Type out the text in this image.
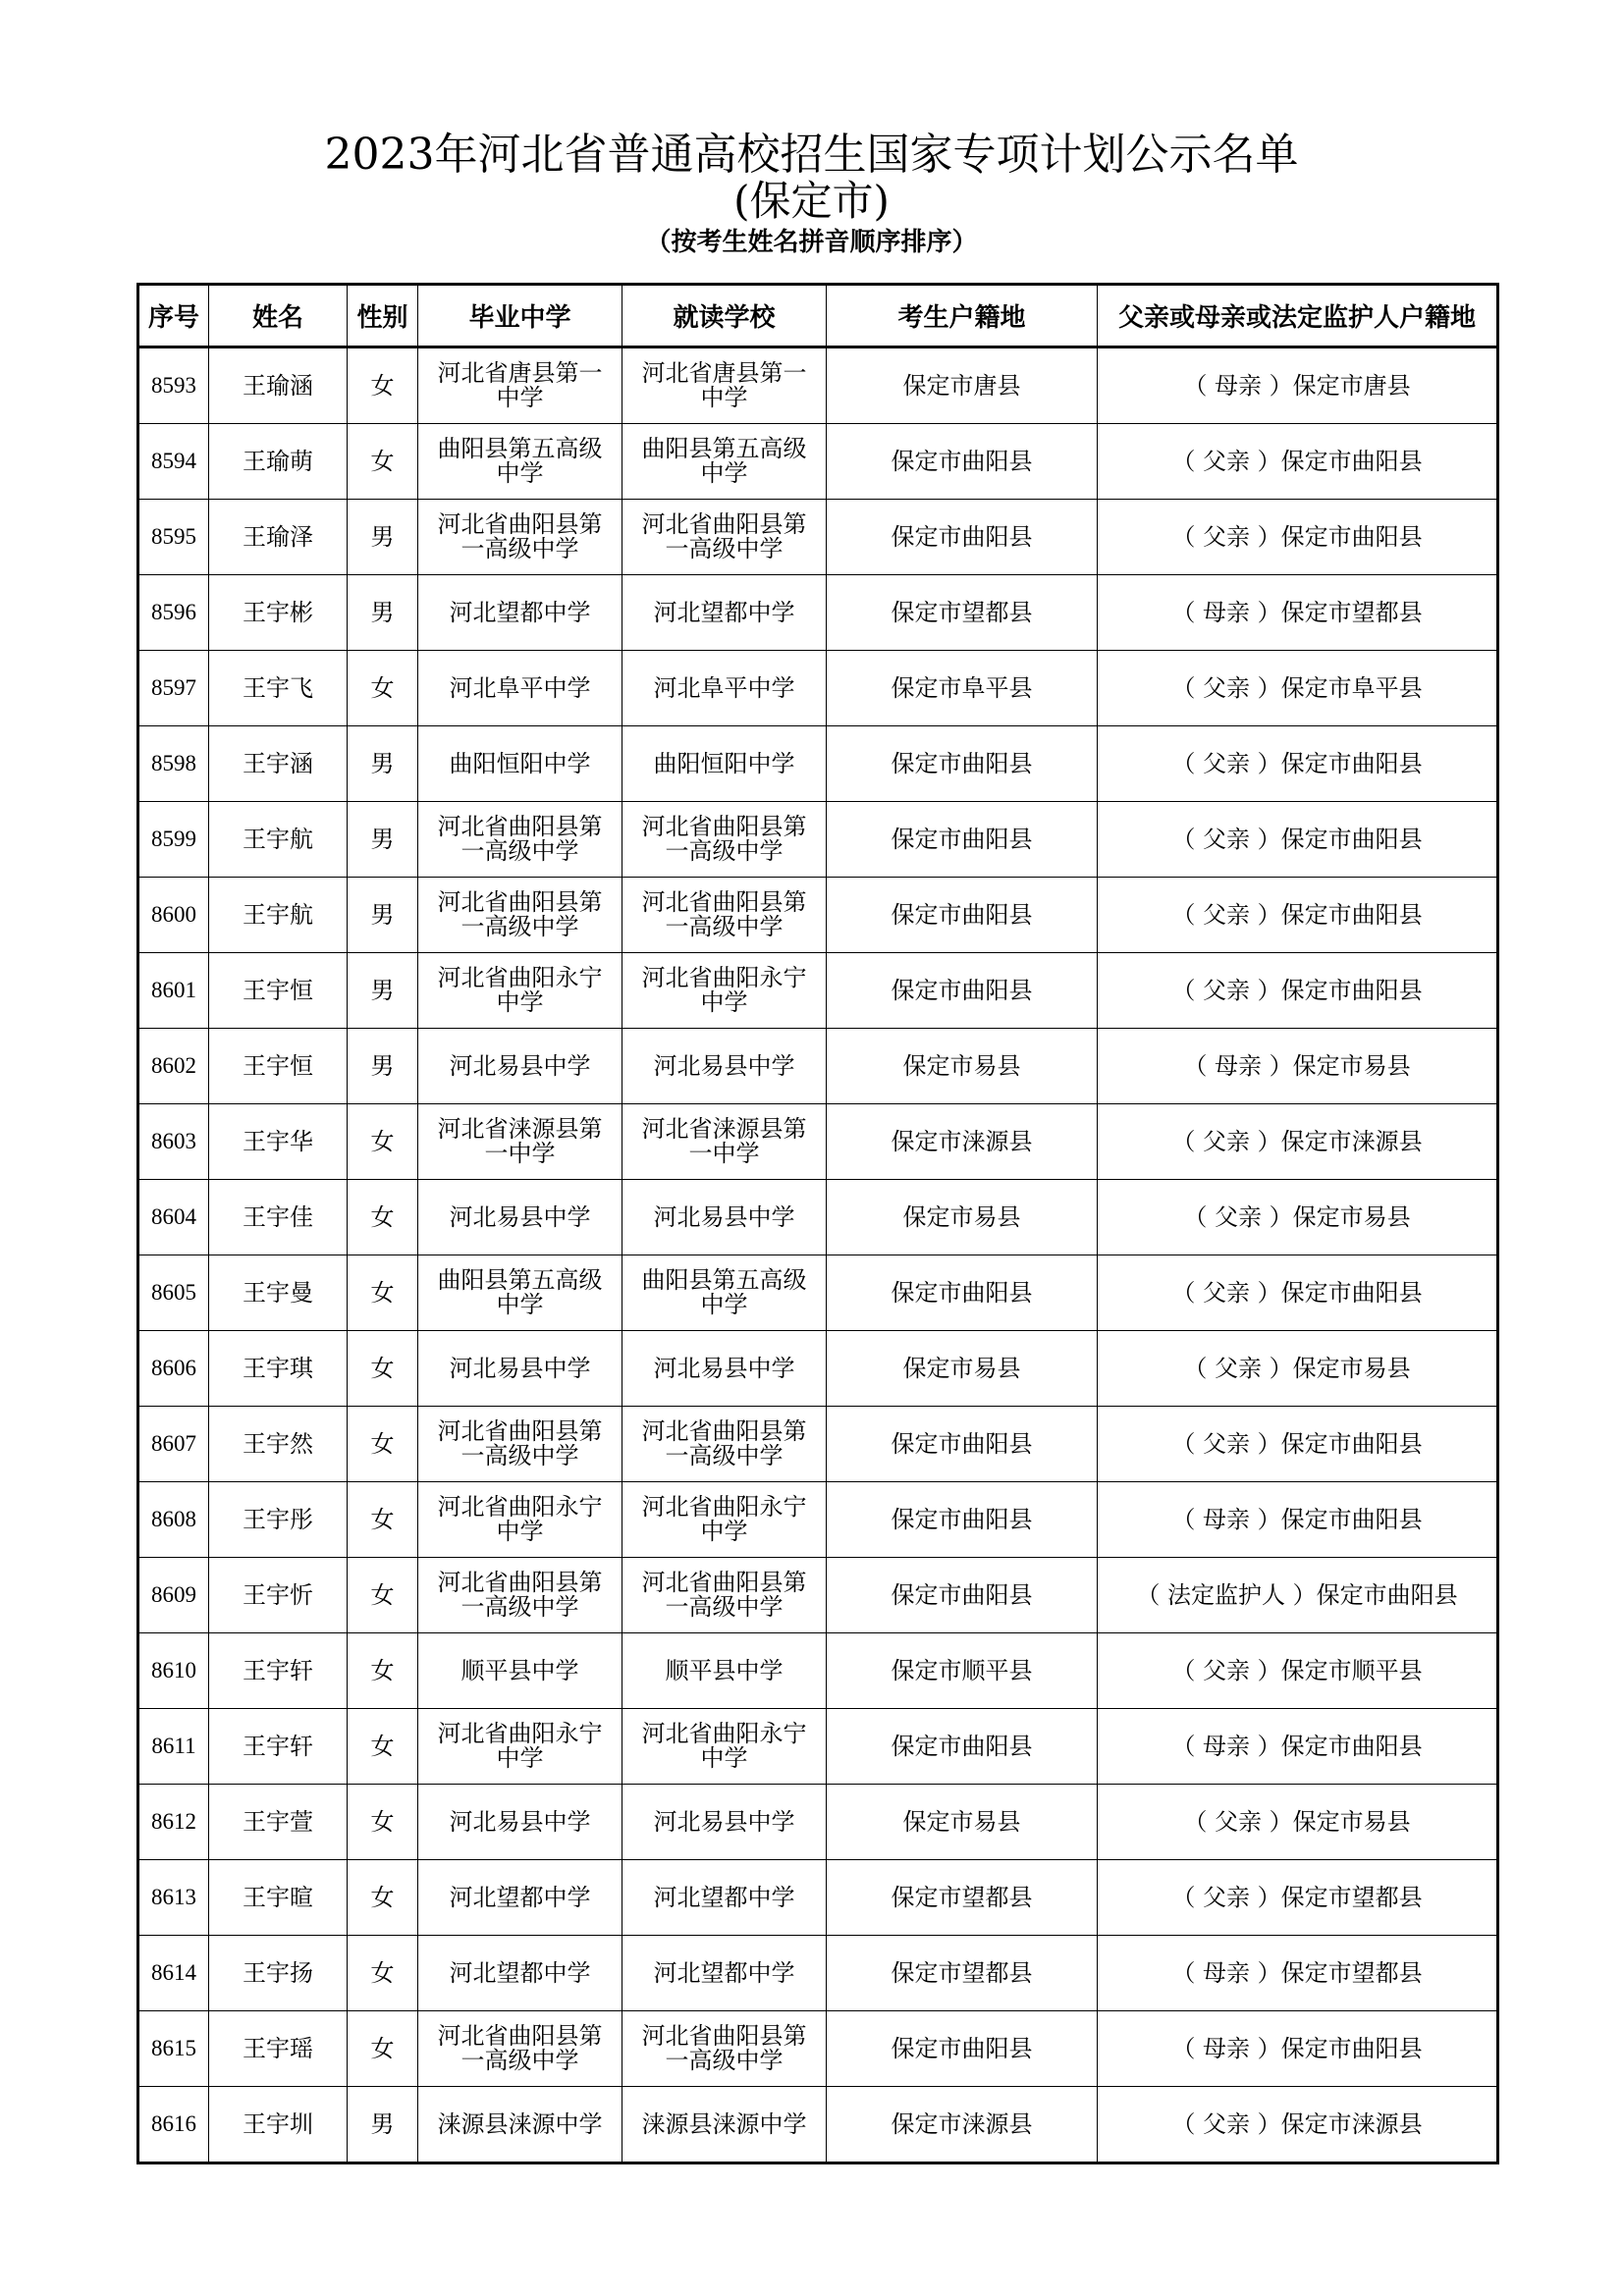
2023年河北省普通高校招生国家专项计划公示名单
(保定市)
（按考生姓名拼音顺序排序）
序号	姓名	性别	毕业中学	就读学校	考生户籍地	父亲或母亲或法定监护人户籍地
8593	王瑜涵	女	河北省唐县第一中学	河北省唐县第一中学	保定市唐县	（ 母亲 ）保定市唐县
8594	王瑜萌	女	曲阳县第五高级中学	曲阳县第五高级中学	保定市曲阳县	（ 父亲 ）保定市曲阳县
8595	王瑜泽	男	河北省曲阳县第一高级中学	河北省曲阳县第一高级中学	保定市曲阳县	（ 父亲 ）保定市曲阳县
8596	王宇彬	男	河北望都中学	河北望都中学	保定市望都县	（ 母亲 ）保定市望都县
8597	王宇飞	女	河北阜平中学	河北阜平中学	保定市阜平县	（ 父亲 ）保定市阜平县
8598	王宇涵	男	曲阳恒阳中学	曲阳恒阳中学	保定市曲阳县	（ 父亲 ）保定市曲阳县
8599	王宇航	男	河北省曲阳县第一高级中学	河北省曲阳县第一高级中学	保定市曲阳县	（ 父亲 ）保定市曲阳县
8600	王宇航	男	河北省曲阳县第一高级中学	河北省曲阳县第一高级中学	保定市曲阳县	（ 父亲 ）保定市曲阳县
8601	王宇恒	男	河北省曲阳永宁中学	河北省曲阳永宁中学	保定市曲阳县	（ 父亲 ）保定市曲阳县
8602	王宇恒	男	河北易县中学	河北易县中学	保定市易县	（ 母亲 ）保定市易县
8603	王宇华	女	河北省涞源县第一中学	河北省涞源县第一中学	保定市涞源县	（ 父亲 ）保定市涞源县
8604	王宇佳	女	河北易县中学	河北易县中学	保定市易县	（ 父亲 ）保定市易县
8605	王宇曼	女	曲阳县第五高级中学	曲阳县第五高级中学	保定市曲阳县	（ 父亲 ）保定市曲阳县
8606	王宇琪	女	河北易县中学	河北易县中学	保定市易县	（ 父亲 ）保定市易县
8607	王宇然	女	河北省曲阳县第一高级中学	河北省曲阳县第一高级中学	保定市曲阳县	（ 父亲 ）保定市曲阳县
8608	王宇彤	女	河北省曲阳永宁中学	河北省曲阳永宁中学	保定市曲阳县	（ 母亲 ）保定市曲阳县
8609	王宇忻	女	河北省曲阳县第一高级中学	河北省曲阳县第一高级中学	保定市曲阳县	（ 法定监护人 ）保定市曲阳县
8610	王宇轩	女	顺平县中学	顺平县中学	保定市顺平县	（ 父亲 ）保定市顺平县
8611	王宇轩	女	河北省曲阳永宁中学	河北省曲阳永宁中学	保定市曲阳县	（ 母亲 ）保定市曲阳县
8612	王宇萱	女	河北易县中学	河北易县中学	保定市易县	（ 父亲 ）保定市易县
8613	王宇暄	女	河北望都中学	河北望都中学	保定市望都县	（ 父亲 ）保定市望都县
8614	王宇扬	女	河北望都中学	河北望都中学	保定市望都县	（ 母亲 ）保定市望都县
8615	王宇瑶	女	河北省曲阳县第一高级中学	河北省曲阳县第一高级中学	保定市曲阳县	（ 母亲 ）保定市曲阳县
8616	王宇圳	男	涞源县涞源中学	涞源县涞源中学	保定市涞源县	（ 父亲 ）保定市涞源县
